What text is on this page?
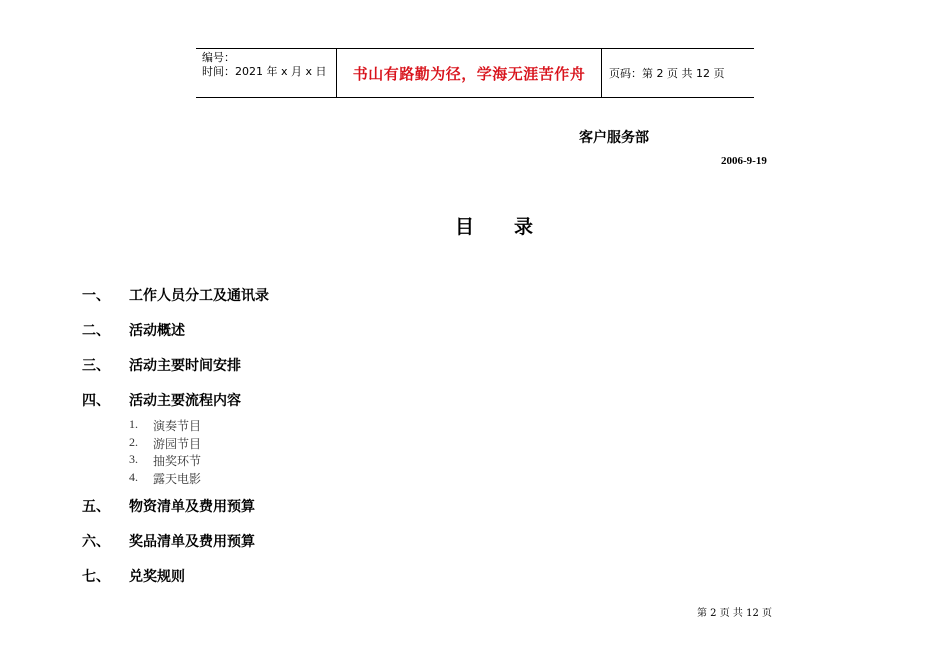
编号：
时间：2021 年 x 月 x 日	书山有路勤为径，学海无涯苦作舟	页码：第 2 页 共 12 页
客户服务部
2006-9-19
目 录
一、	工作人员分工及通讯录
二、	活动概述
三、	活动主要时间安排
四、	活动主要流程内容
1.	演奏节目
2.	游园节目
3.	抽奖环节
4.	露天电影
五、	物资清单及费用预算
六、	奖品清单及费用预算
七、	兑奖规则
第 2 页 共 12 页
